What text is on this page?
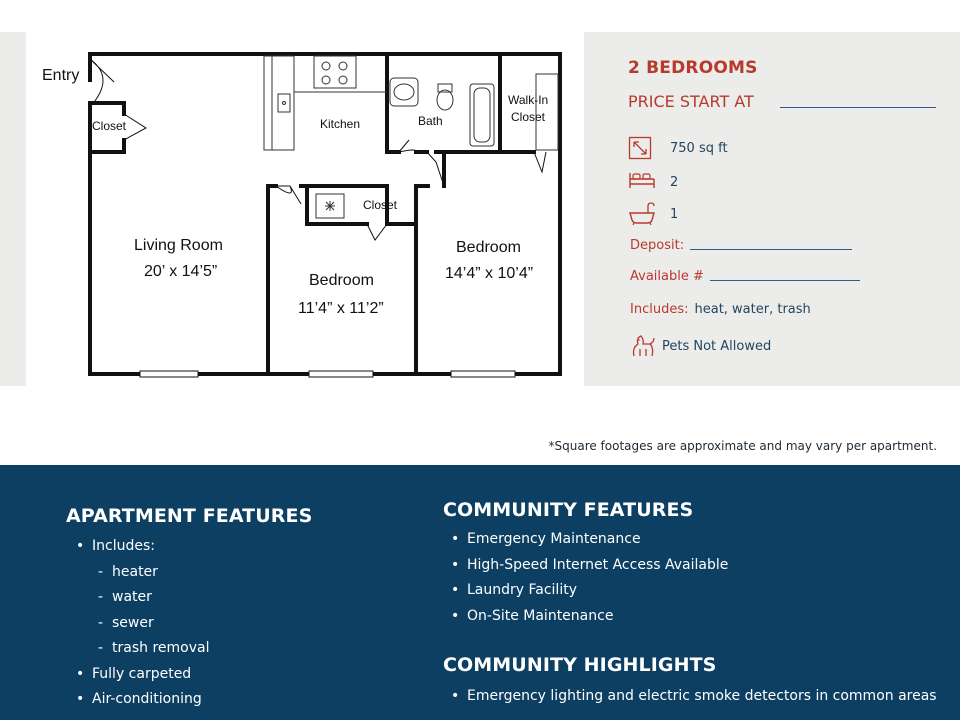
Entry
Closet	Kitchen	Bath
Walk-In
Closet
Closet
Living Room
20’ x 14’5”
Bedroom
11’4” x 11’2”
Bedroom
14’4” x 10’4”
2 BEDROOMS
PRICE START AT
750 sq ft
2
1
Deposit:
Available #
Includes: heat, water, trash
Pets Not Allowed
*Square footages are approximate and may vary per apartment.
APARTMENT FEATURES
• Includes:
- heater
- water
- sewer
- trash removal
• Fully carpeted
• Air-conditioning
COMMUNITY FEATURES
• Emergency Maintenance
• High-Speed Internet Access Available
• Laundry Facility
• On-Site Maintenance
COMMUNITY HIGHLIGHTS
• Emergency lighting and electric smoke detectors in common areas
